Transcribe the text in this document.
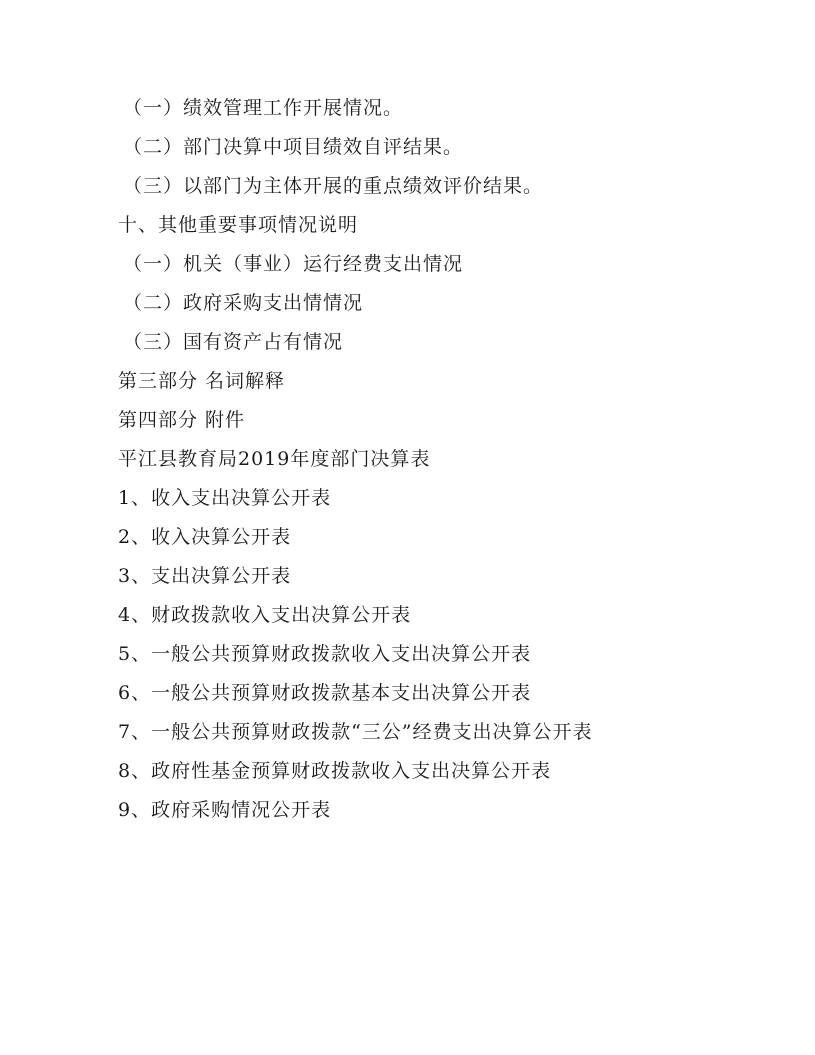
（一）绩效管理工作开展情况。
（二）部门决算中项目绩效自评结果。
（三）以部门为主体开展的重点绩效评价结果。
十、其他重要事项情况说明
（一）机关（事业）运行经费支出情况
（二）政府采购支出情情况
（三）国有资产占有情况
第三部分 名词解释
第四部分 附件
平江县教育局2019年度部门决算表
1、收入支出决算公开表
2、收入决算公开表
3、支出决算公开表
4、财政拨款收入支出决算公开表
5、一般公共预算财政拨款收入支出决算公开表
6、一般公共预算财政拨款基本支出决算公开表
7、一般公共预算财政拨款“三公”经费支出决算公开表
8、政府性基金预算财政拨款收入支出决算公开表
9、政府采购情况公开表
